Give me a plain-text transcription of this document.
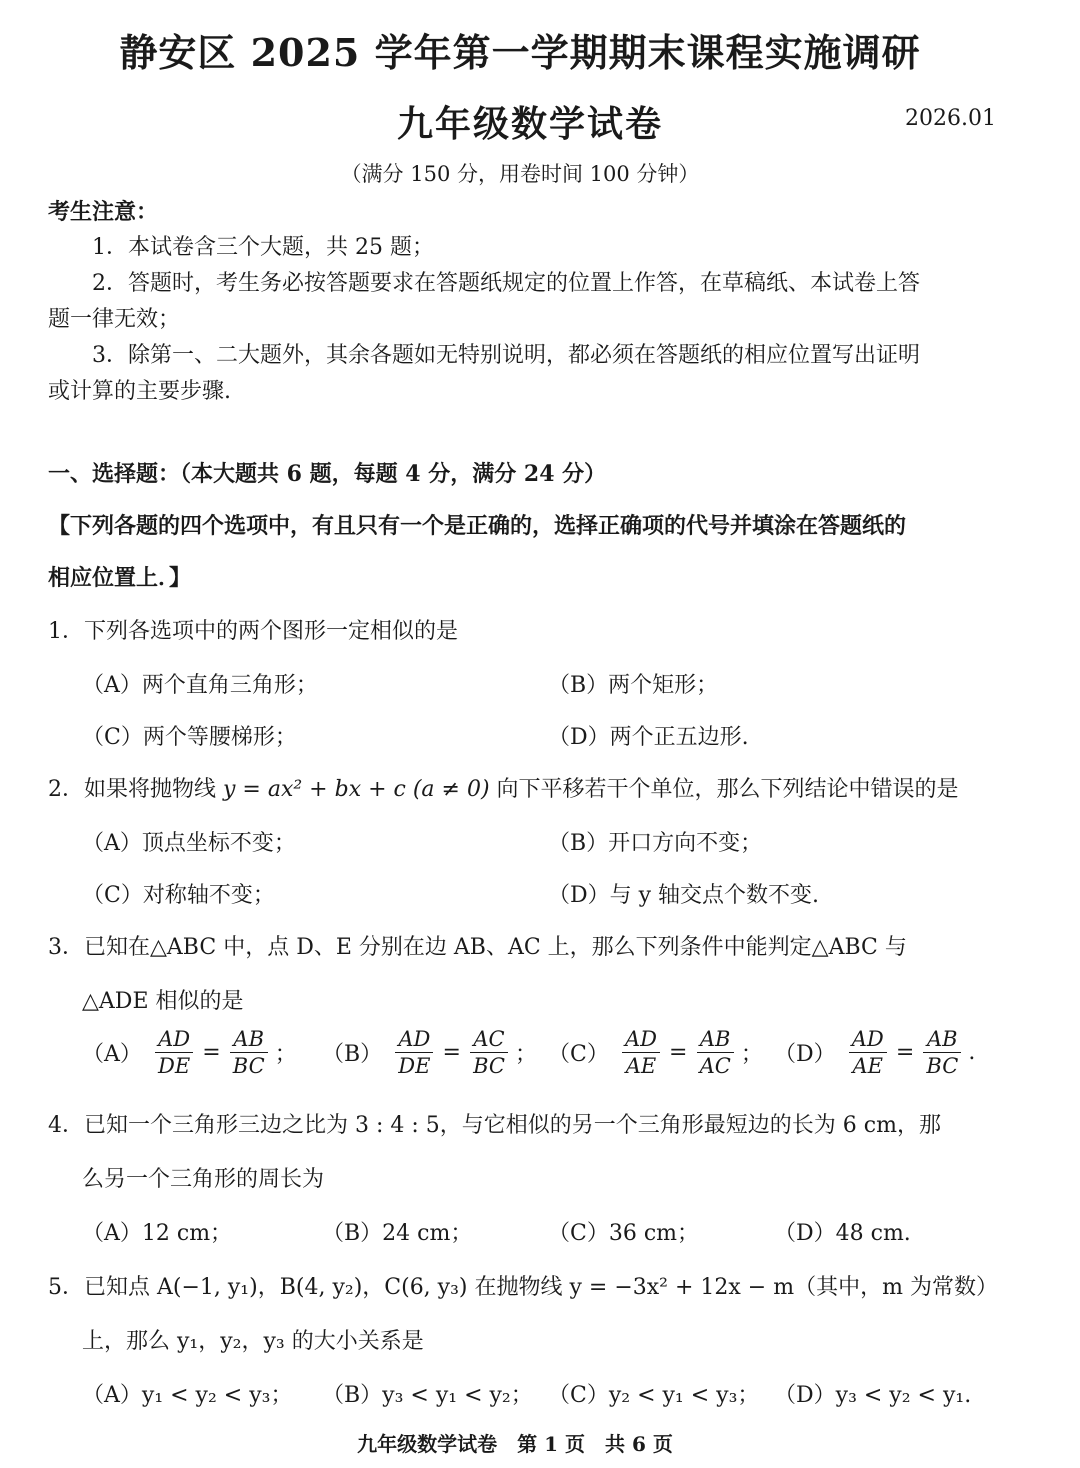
静安区 2025 学年第一学期期末课程实施调研
九年级数学试卷	2026.01
（满分 150 分，用卷时间 100 分钟）
考生注意：
1．本试卷含三个大题，共 25 题；
2．答题时，考生务必按答题要求在答题纸规定的位置上作答，在草稿纸、本试卷上答
题一律无效；
3．除第一、二大题外，其余各题如无特别说明，都必须在答题纸的相应位置写出证明
或计算的主要步骤.
一、选择题：（本大题共 6 题，每题 4 分，满分 24 分）
【下列各题的四个选项中，有且只有一个是正确的，选择正确项的代号并填涂在答题纸的
相应位置上．】
1．下列各选项中的两个图形一定相似的是
（A）两个直角三角形；	（B）两个矩形；
（C）两个等腰梯形；	（D）两个正五边形.
2．如果将抛物线 y = ax² + bx + c (a ≠ 0) 向下平移若干个单位，那么下列结论中错误的是
（A）顶点坐标不变；	（B）开口方向不变；
（C）对称轴不变；	（D）与 y 轴交点个数不变.
3．已知在△ABC 中，点 D、E 分别在边 AB、AC 上，那么下列条件中能判定△ABC 与
△ADE 相似的是
$(A) \frac{AD}{DE} = \frac{AB}{BC}$ ； $(B) \frac{AD}{DE} = \frac{AC}{BC}$ ； $(C) \frac{AD}{AE} = \frac{AB}{AC}$ ； $(D) \frac{AD}{AE} = \frac{AB}{BC}$ .
4．已知一个三角形三边之比为 3 : 4 : 5，与它相似的另一个三角形最短边的长为 6 cm，那
么另一个三角形的周长为
（A）12 cm；	（B）24 cm；	（C）36 cm；	（D）48 cm.
5．已知点 A(−1, y₁)，B(4, y₂)，C(6, y₃) 在抛物线 y = −3x² + 12x − m（其中，m 为常数）
上，那么 y₁，y₂，y₃ 的大小关系是
（A）y₁ < y₂ < y₃； （B）y₃ < y₁ < y₂； （C）y₂ < y₁ < y₃； （D）y₃ < y₂ < y₁.
九年级数学试卷　第 1 页　共 6 页
